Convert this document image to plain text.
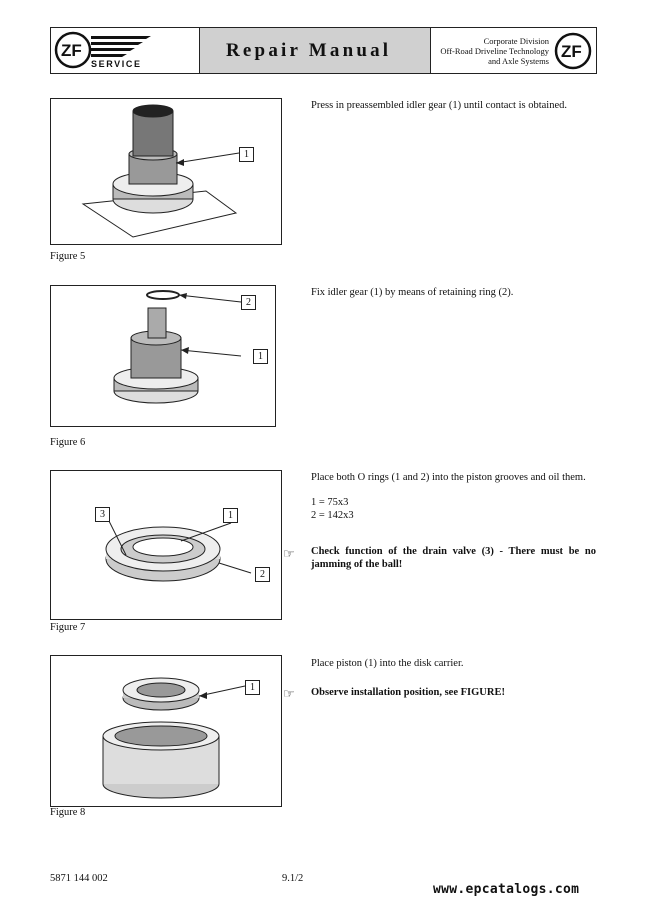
ZF
SERVICE
Repair Manual	Corporate Division
Off-Road Driveline Technology
and Axle Systems ZF
1
Figure 5
Press in preassembled idler gear (1) until contact is obtained.
2
1
Figure 6
Fix idler gear (1) by means of retaining ring (2).
3	1
2
Figure 7
Place both O rings (1 and 2) into the piston grooves and oil them.
1 = 75x3
2 = 142x3
☞ Check function of the drain valve (3) - There must be no
jamming of the ball!
1
Figure 8
Place piston (1) into the disk carrier.
☞ Observe installation position, see FIGURE!
5871 144 002	9.1/2
www.epcatalogs.com
